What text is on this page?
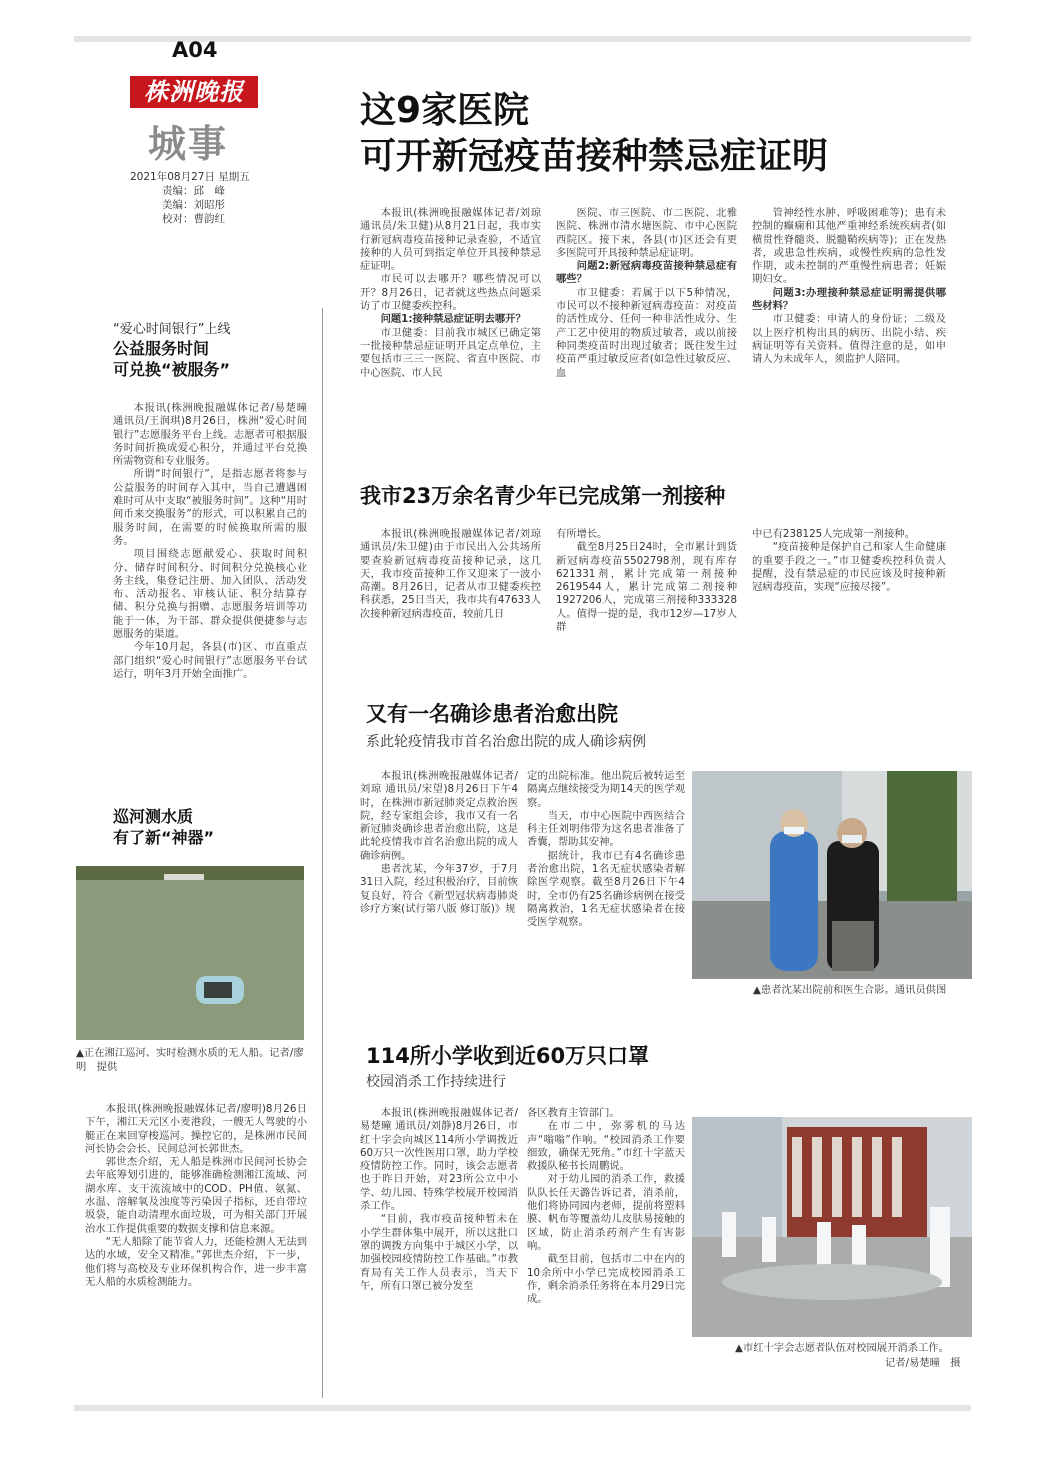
A04
株洲晚报
城事
2021年08月27日 星期五
责编：邱　峰
美编：刘昭彤
校对：曹韵红
这9家医院
可开新冠疫苗接种禁忌症证明

本报讯(株洲晚报融媒体记者/刘琼 通讯员/朱卫健)从8月21日起，我市实行新冠病毒疫苗接种记录查验，不适宜接种的人员可到指定单位开具接种禁忌症证明。

市民可以去哪开？哪些情况可以开？8月26日，记者就这些热点问题采访了市卫健委疾控科。

问题1:接种禁忌症证明去哪开？

市卫健委：目前我市城区已确定第一批接种禁忌症证明开具定点单位，主要包括市三三一医院、省直中医院、市中心医院、市人民

医院、市三医院、市二医院、北雅医院、株洲市清水塘医院、市中心医院西院区。接下来，各县(市)区还会有更多医院可开具接种禁忌症证明。

问题2:新冠病毒疫苗接种禁忌症有哪些？

市卫健委：若属于以下5种情况，市民可以不接种新冠病毒疫苗：对疫苗的活性成分、任何一种非活性成分、生产工艺中使用的物质过敏者，或以前接种同类疫苗时出现过敏者；既往发生过疫苗严重过敏反应者(如急性过敏反应、血

管神经性水肿、呼吸困难等)；患有未控制的癫痫和其他严重神经系统疾病者(如横贯性脊髓炎、脱髓鞘疾病等)；正在发热者，或患急性疾病，或慢性疾病的急性发作期，或未控制的严重慢性病患者；妊娠期妇女。

问题3:办理接种禁忌症证明需提供哪些材料？

市卫健委：申请人的身份证；二级及以上医疗机构出具的病历、出院小结、疾病证明等有关资料。值得注意的是，如申请人为未成年人，须监护人陪同。

我市23万余名青少年已完成第一剂接种

本报讯(株洲晚报融媒体记者/刘琼 通讯员/朱卫健)由于市民出入公共场所要查验新冠病毒疫苗接种记录，这几天，我市疫苗接种工作又迎来了一波小高潮。8月26日，记者从市卫健委疾控科获悉，25日当天，我市共有47633人次接种新冠病毒疫苗，较前几日

有所增长。

截至8月25日24时，全市累计到货新冠病毒疫苗5502798剂，现有库存621331剂，累计完成第一剂接种2619544人，累计完成第二剂接种1927206人，完成第三剂接种333328人。值得一提的是，我市12岁—17岁人群

中已有238125人完成第一剂接种。

“疫苗接种是保护自己和家人生命健康的重要手段之一。”市卫健委疾控科负责人提醒，没有禁忌症的市民应该及时接种新冠病毒疫苗，实现“应接尽接”。

又有一名确诊患者治愈出院
系此轮疫情我市首名治愈出院的成人确诊病例

本报讯(株洲晚报融媒体记者/刘琼 通讯员/宋望)8月26日下午4时，在株洲市新冠肺炎定点救治医院，经专家组会诊，我市又有一名新冠肺炎确诊患者治愈出院，这是此轮疫情我市首名治愈出院的成人确诊病例。

患者沈某，今年37岁，于7月31日入院，经过积极治疗，目前恢复良好，符合《新型冠状病毒肺炎诊疗方案(试行第八版 修订版)》规

定的出院标准。他出院后被转运至隔离点继续接受为期14天的医学观察。

当天，市中心医院中西医结合科主任刘明伟带为这名患者准备了香囊，帮助其安神。

据统计，我市已有4名确诊患者治愈出院，1名无症状感染者解除医学观察。截至8月26日下午4时，全市仍有25名确诊病例在接受隔离救治，1名无症状感染者在接受医学观察。

▲患者沈某出院前和医生合影。通讯员供图
114所小学收到近60万只口罩
校园消杀工作持续进行

本报讯(株洲晚报融媒体记者/易楚曈 通讯员/刘静)8月26日，市红十字会向城区114所小学调拨近60万只一次性医用口罩，助力学校疫情防控工作。同时，该会志愿者也于昨日开始，对23所公立中小学、幼儿园、特殊学校展开校园消杀工作。

“目前，我市疫苗接种暂未在小学生群体集中展开，所以这批口罩的调拨方向集中于城区小学，以加强校园疫情防控工作基础。”市教育局有关工作人员表示，当天下午，所有口罩已被分发至

各区教育主管部门。

在市二中，弥雾机的马达声“嗡嗡”作响。“校园消杀工作要细致，确保无死角。”市红十字蓝天救援队秘书长周鹏说。

对于幼儿园的消杀工作，救援队队长任天潞告诉记者，消杀前，他们将协同园内老师，提前将塑料膜、帆布等覆盖幼儿皮肤易接触的区域，防止消杀药剂产生有害影响。

截至目前，包括市二中在内的10余所中小学已完成校园消杀工作，剩余消杀任务将在本月29日完成。

▲市红十字会志愿者队伍对校园展开消杀工作。
记者/易楚曈　摄
“爱心时间银行”上线
公益服务时间
可兑换“被服务”

本报讯(株洲晚报融媒体记者/易楚曈 通讯员/王润琪)8月26日，株洲“爱心时间银行”志愿服务平台上线。志愿者可根据服务时间折换成爱心积分，并通过平台兑换所需物资和专业服务。

所谓“时间银行”，是指志愿者将参与公益服务的时间存入其中，当自己遭遇困难时可从中支取“被服务时间”。这种“用时间币来交换服务”的形式，可以积累自己的服务时间，在需要的时候换取所需的服务。

项目围绕志愿献爱心、获取时间积分、储存时间积分、时间积分兑换核心业务主线，集登记注册、加入团队、活动发布、活动报名、审核认证、积分结算存储、积分兑换与捐赠、志愿服务培训等功能于一体，为干部、群众提供便捷参与志愿服务的渠道。

今年10月起，各县(市)区、市直重点部门组织“爱心时间银行”志愿服务平台试运行，明年3月开始全面推广。

巡河测水质
有了新“神器”
▲正在湘江巡河、实时检测水质的无人船。记者/廖明　提供

本报讯(株洲晚报融媒体记者/廖明)8月26日下午，湘江天元区小麦港段，一艘无人驾驶的小艇正在来回穿梭巡河。操控它的，是株洲市民间河长协会会长、民间总河长郭世杰。

郭世杰介绍，无人船是株洲市民间河长协会去年底筹划引进的，能够准确检测湘江流域、河湖水库、支干流流域中的COD、PH值、氨氮、水温、溶解氧及浊度等污染因子指标，还自带垃圾袋，能自动清理水面垃圾，可为相关部门开展治水工作提供重要的数据支撑和信息来源。

“无人船除了能节省人力，还能检测人无法到达的水域，安全又精准。”郭世杰介绍，下一步，他们将与高校及专业环保机构合作，进一步丰富无人船的水质检测能力。
